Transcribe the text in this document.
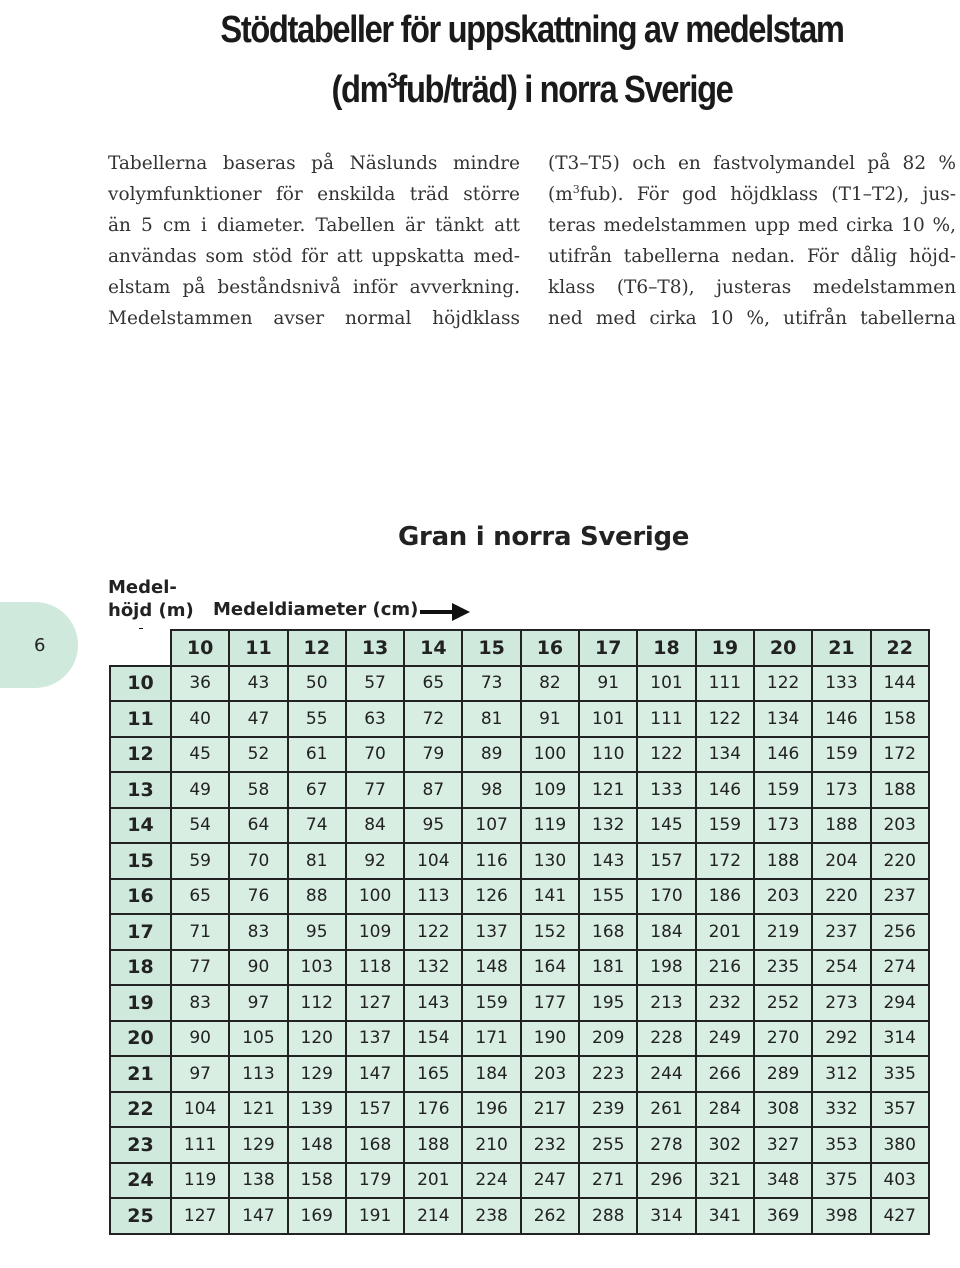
Stödtabeller för uppskattning av medelstam
$(dm^3fub/träd)$ i norra Sverige
Tabellerna baseras på Näslunds mindre
volymfunktioner för enskilda träd större
än 5 cm i diameter. Tabellen är tänkt att
användas som stöd för att uppskatta med-
elstam på beståndsnivå inför avverkning.
Medelstammen avser normal höjdklass
(T3–T5) och en fastvolymandel på 82 %
$(m^3fub)$. För god höjdklass (T1–T2), jus-
teras medelstammen upp med cirka 10 %,
utifrån tabellerna nedan. För dålig höjd-
klass (T6–T8), justeras medelstammen
ned med cirka 10 %, utifrån tabellerna
6
Gran i norra Sverige
Medel-
höjd (m) Medeldiameter (cm)
	10	11	12	13	14	15	16	17	18	19	20	21	22
10	36	43	50	57	65	73	82	91	101	111	122	133	144
11	40	47	55	63	72	81	91	101	111	122	134	146	158
12	45	52	61	70	79	89	100	110	122	134	146	159	172
13	49	58	67	77	87	98	109	121	133	146	159	173	188
14	54	64	74	84	95	107	119	132	145	159	173	188	203
15	59	70	81	92	104	116	130	143	157	172	188	204	220
16	65	76	88	100	113	126	141	155	170	186	203	220	237
17	71	83	95	109	122	137	152	168	184	201	219	237	256
18	77	90	103	118	132	148	164	181	198	216	235	254	274
19	83	97	112	127	143	159	177	195	213	232	252	273	294
20	90	105	120	137	154	171	190	209	228	249	270	292	314
21	97	113	129	147	165	184	203	223	244	266	289	312	335
22	104	121	139	157	176	196	217	239	261	284	308	332	357
23	111	129	148	168	188	210	232	255	278	302	327	353	380
24	119	138	158	179	201	224	247	271	296	321	348	375	403
25	127	147	169	191	214	238	262	288	314	341	369	398	427
